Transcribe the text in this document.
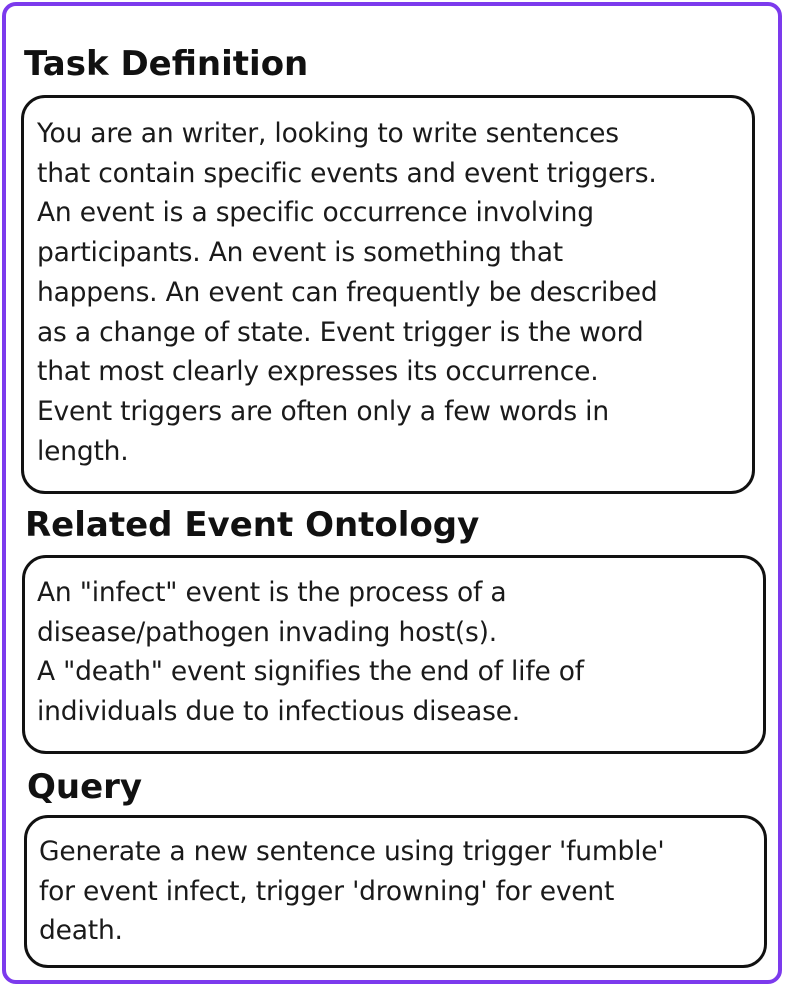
Task Definition
You are an writer, looking to write sentences
that contain specific events and event triggers.
An event is a specific occurrence involving
participants. An event is something that
happens. An event can frequently be described
as a change of state. Event trigger is the word
that most clearly expresses its occurrence.
Event triggers are often only a few words in
length.
Related Event Ontology
An "infect" event is the process of a
disease/pathogen invading host(s).
A "death" event signifies the end of life of
individuals due to infectious disease.
Query
Generate a new sentence using trigger 'fumble'
for event infect, trigger 'drowning' for event
death.
